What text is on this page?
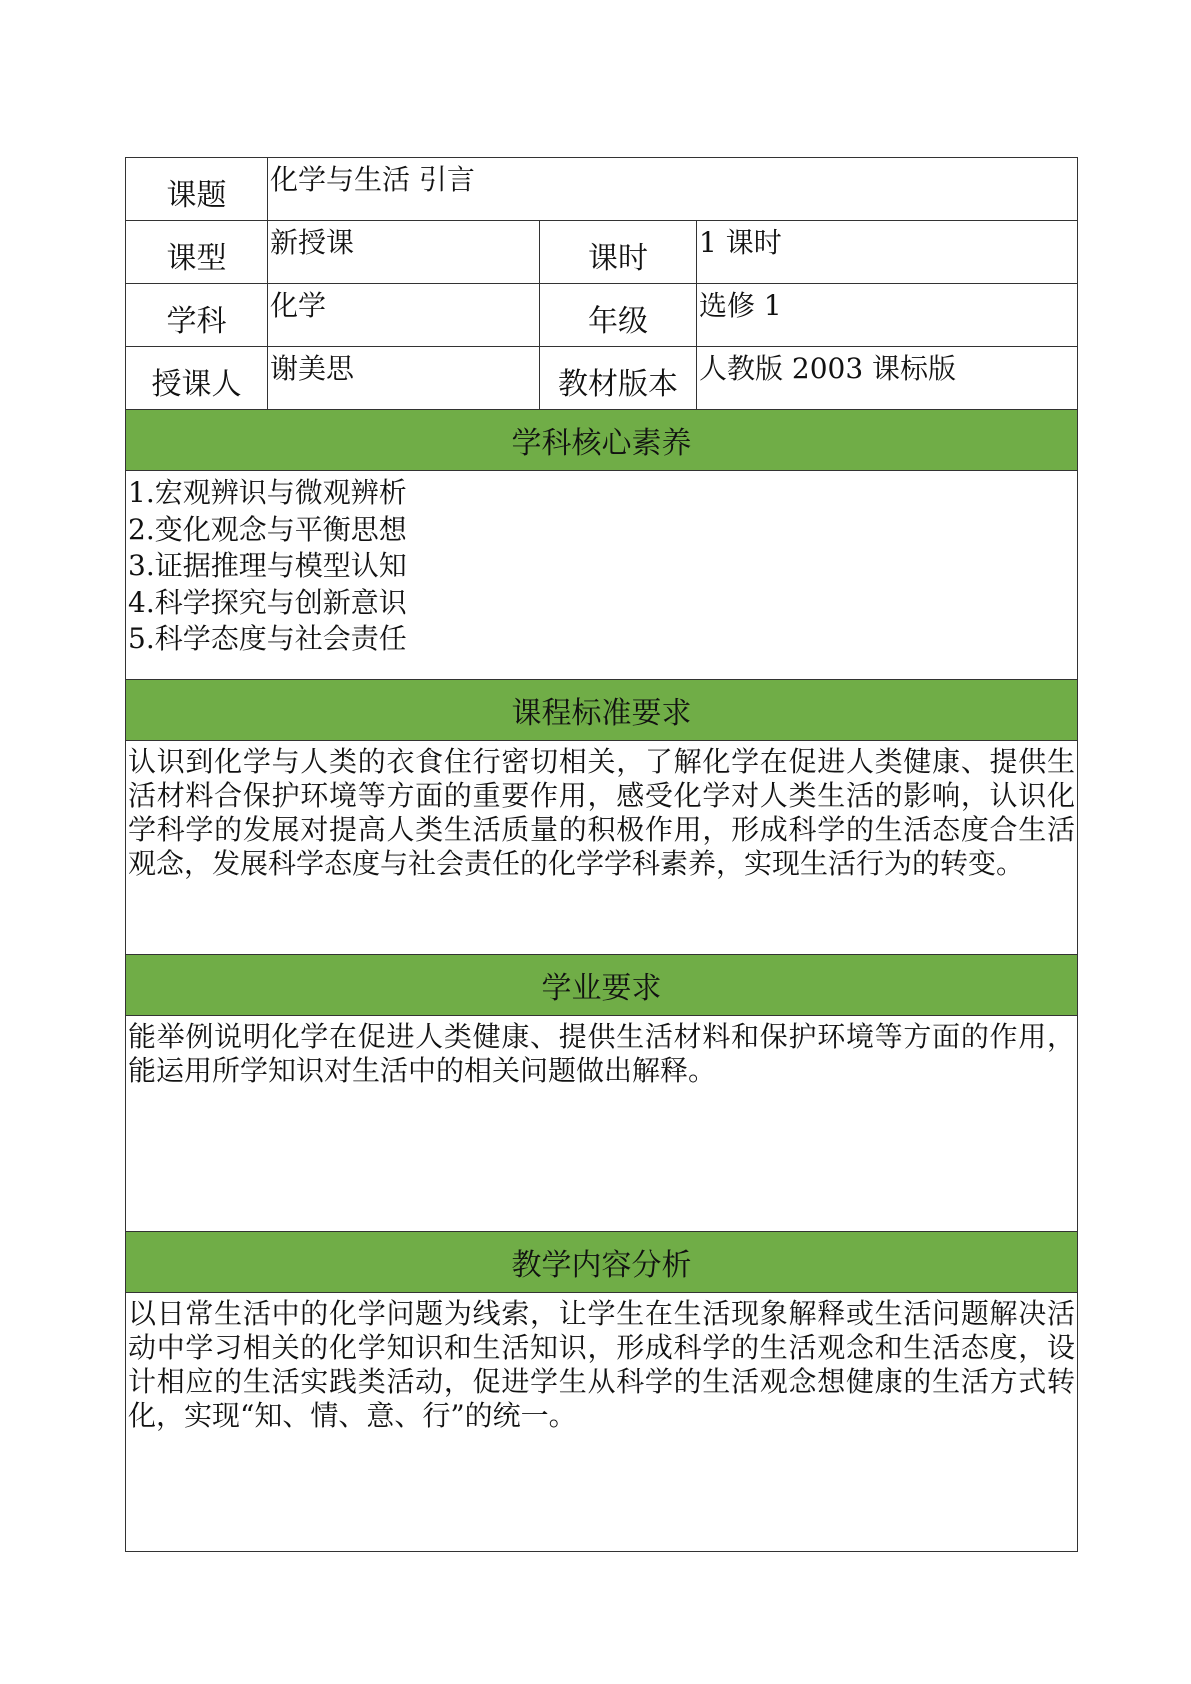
课题	化学与生活 引言		
课型	新授课	课时	1 课时
学科	化学	年级	选修 1
授课人	谢美思	教材版本	人教版 2003 课标版
学科核心素养			

1.宏观辨识与微观辨析
2.变化观念与平衡思想
3.证据推理与模型认知
4.科学探究与创新意识
5.科学态度与社会责任			

课程标准要求			
认识到化学与人类的衣食住行密切相关，了解化学在促进人类健康、提供生活材料合保护环境等方面的重要作用，感受化学对人类生活的影响，认识化学科学的发展对提高人类生活质量的积极作用，形成科学的生活态度合生活观念，发展科学态度与社会责任的化学学科素养，实现生活行为的转变。			
学业要求			
能举例说明化学在促进人类健康、提供生活材料和保护环境等方面的作用，能运用所学知识对生活中的相关问题做出解释。			
教学内容分析			
以日常生活中的化学问题为线索，让学生在生活现象解释或生活问题解决活动中学习相关的化学知识和生活知识，形成科学的生活观念和生活态度，设计相应的生活实践类活动，促进学生从科学的生活观念想健康的生活方式转化，实现“知、情、意、行”的统一。			
